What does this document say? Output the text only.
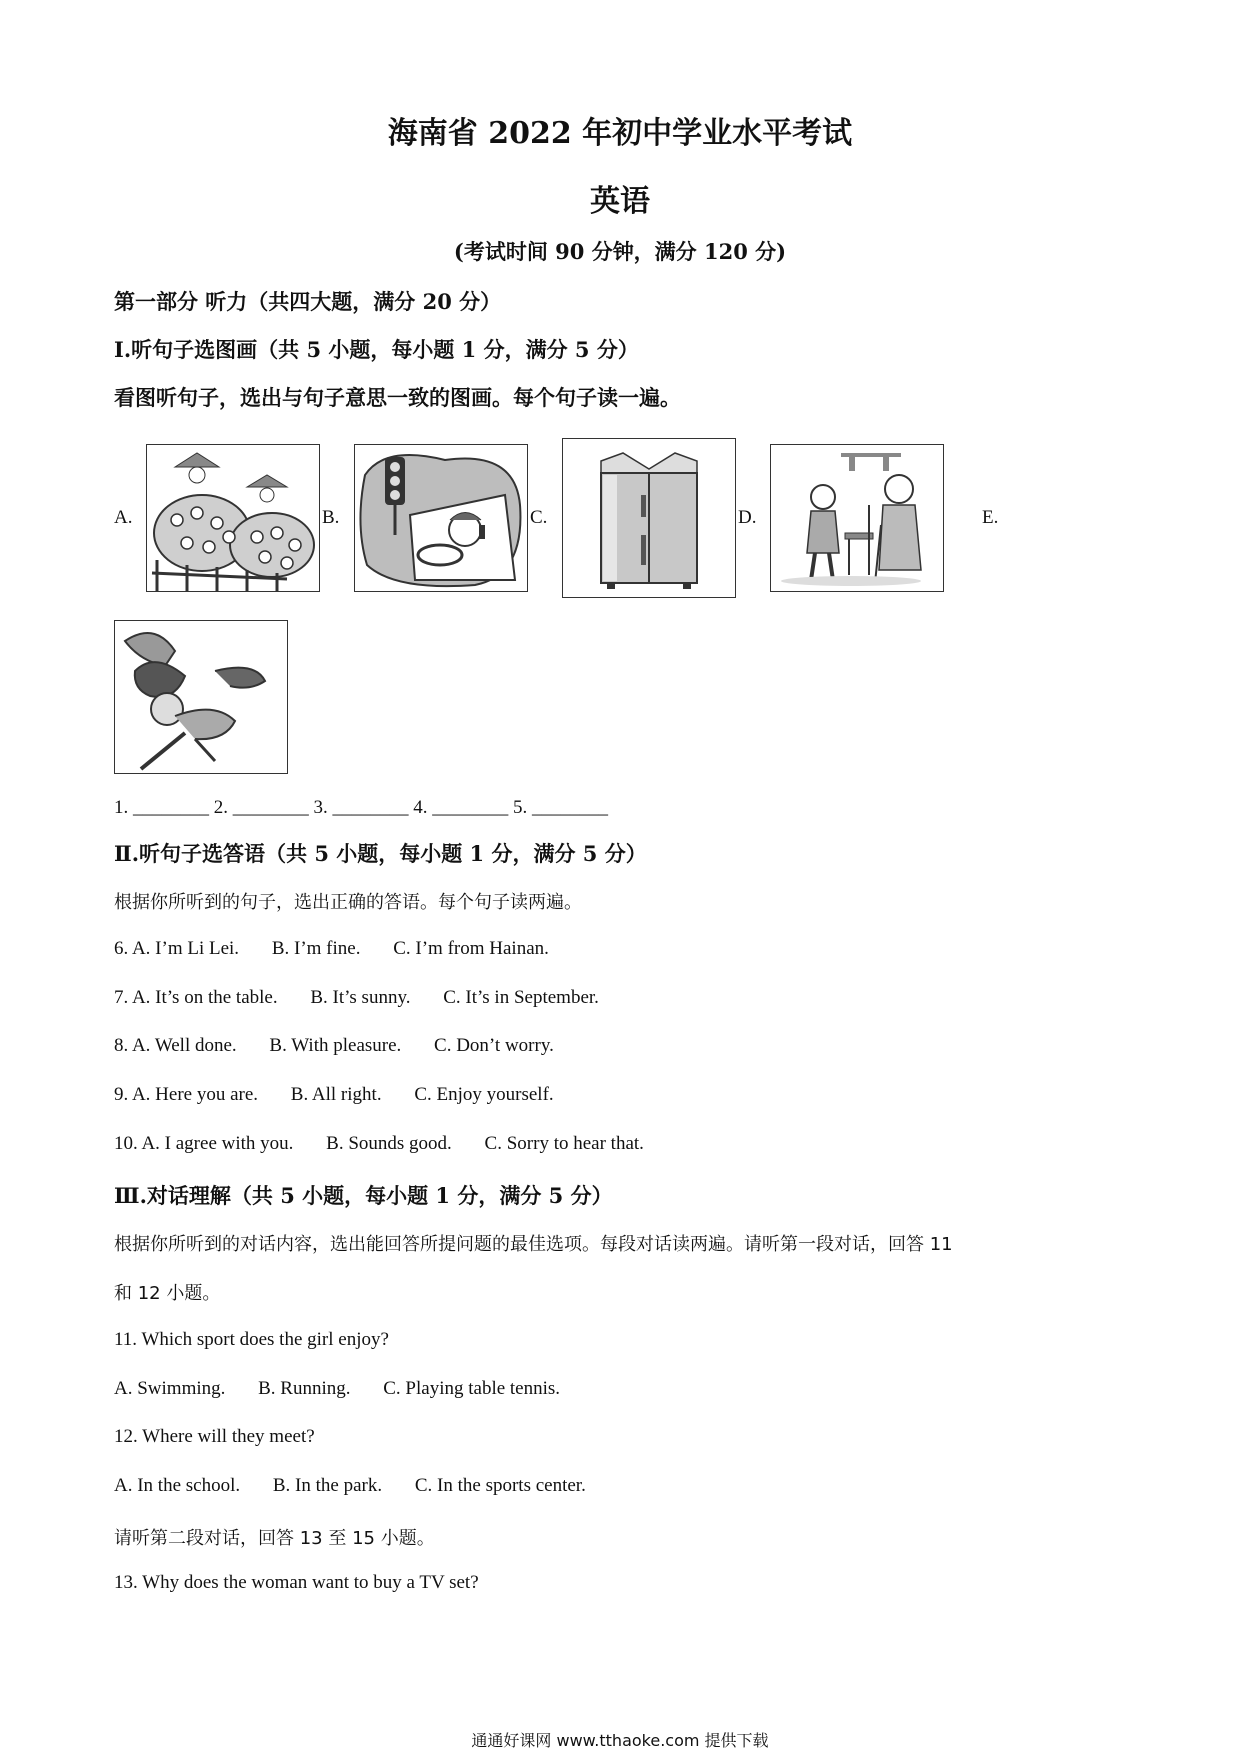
海南省 2022 年初中学业水平考试
英语
(考试时间 90 分钟，满分 120 分)
第一部分 听力（共四大题，满分 20 分）
Ⅰ.听句子选图画（共 5 小题，每小题 1 分，满分 5 分）
看图听句子，选出与句子意思一致的图画。每个句子读一遍。
A.	B.	C.	D.	E.
1. ________ 2. ________ 3. ________ 4. ________ 5. ________
Ⅱ.听句子选答语（共 5 小题，每小题 1 分，满分 5 分）
根据你所听到的句子，选出正确的答语。每个句子读两遍。
6. A. I’m Li Lei. B. I’m fine. C. I’m from Hainan.
7. A. It’s on the table. B. It’s sunny. C. It’s in September.
8. A. Well done. B. With pleasure. C. Don’t worry.
9. A. Here you are. B. All right. C. Enjoy yourself.
10. A. I agree with you. B. Sounds good. C. Sorry to hear that.
Ⅲ.对话理解（共 5 小题，每小题 1 分，满分 5 分）
根据你所听到的对话内容，选出能回答所提问题的最佳选项。每段对话读两遍。请听第一段对话，回答 11
和 12 小题。
11. Which sport does the girl enjoy?
A. Swimming. B. Running. C. Playing table tennis.
12. Where will they meet?
A. In the school. B. In the park. C. In the sports center.
请听第二段对话，回答 13 至 15 小题。
13. Why does the woman want to buy a TV set?
通通好课网 www.tthaoke.com 提供下载
